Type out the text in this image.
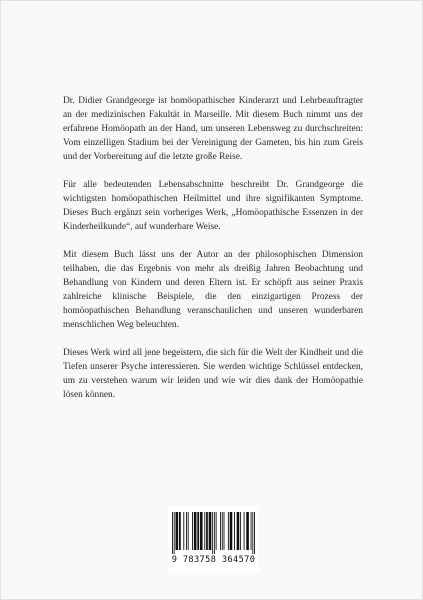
Dr. Didier Grandgeorge ist homöopathischer Kinderarzt und Lehrbeauftragter an der medizinischen Fakultät in Marseille. Mit diesem Buch nimmt uns der erfahrene Homöopath an der Hand, um unseren Lebensweg zu durchschreiten: Vom einzelligen Stadium bei der Vereinigung der Gameten, bis hin zum Greis und der Vorbereitung auf die letzte große Reise.

Für alle bedeutenden Lebensabschnitte beschreibt Dr. Grandgeorge die wichtigsten homöopathischen Heilmittel und ihre signifikanten Symptome. Dieses Buch ergänzt sein vorheriges Werk, „Homöopathische Essenzen in der Kinderheilkunde“, auf wunderbare Weise.

Mit diesem Buch lässt uns der Autor an der philosophischen Dimension teilhaben, die das Ergebnis von mehr als dreißig Jahren Beobachtung und Behandlung von Kindern und deren Eltern ist. Er schöpft aus seiner Praxis zahlreiche klinische Beispiele, die den einzigartigen Prozess der homöopathischen Behandlung veranschaulichen und unseren wunderbaren menschlichen Weg beleuchten.

Dieses Werk wird all jene begeistern, die sich für die Welt der Kindheit und die Tiefen unserer Psyche interessieren. Sie werden wichtige Schlüssel entdecken, um zu verstehen warum wir leiden und wie wir dies dank der Homöopathie lösen können.

9 783758 364570
